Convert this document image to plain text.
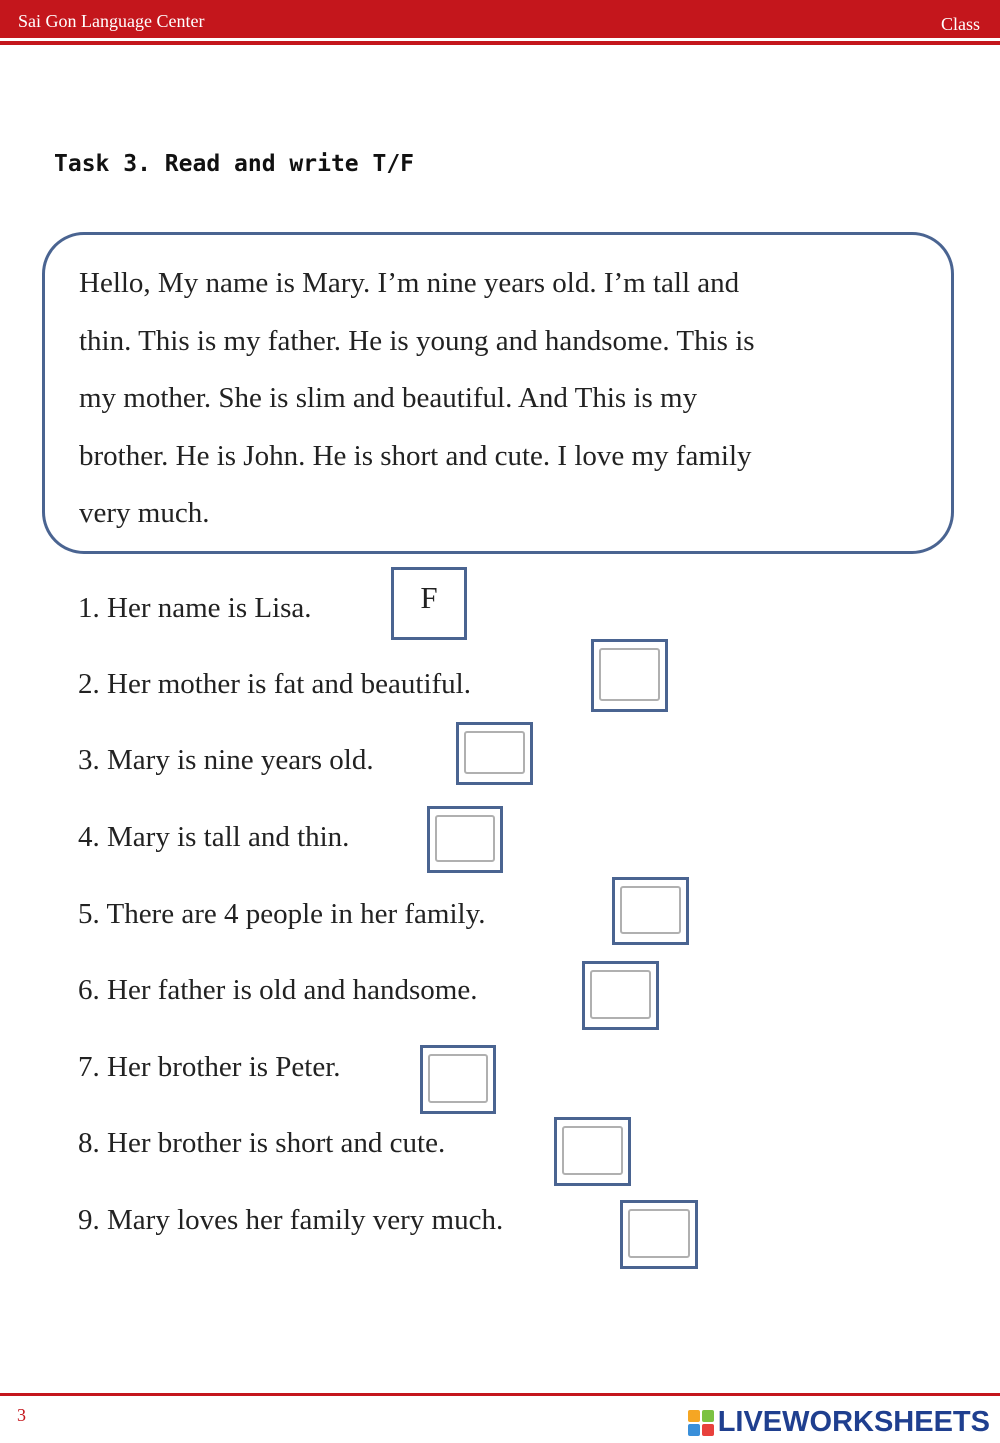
Sai Gon Language Center	Class
Task 3. Read and write T/F
Hello, My name is Mary. I’m nine years old. I’m tall and
thin. This is my father. He is young and handsome. This is
my mother. She is slim and beautiful. And This is my
brother. He is John. He is short and cute. I love my family
very much.
1. Her name is Lisa.	F
2. Her mother is fat and beautiful.
3. Mary is nine years old.
4. Mary is tall and thin.
5. There are 4 people in her family.
6. Her father is old and handsome.
7. Her brother is Peter.
8. Her brother is short and cute.
9. Mary loves her family very much.
3	LIVEWORKSHEETS
